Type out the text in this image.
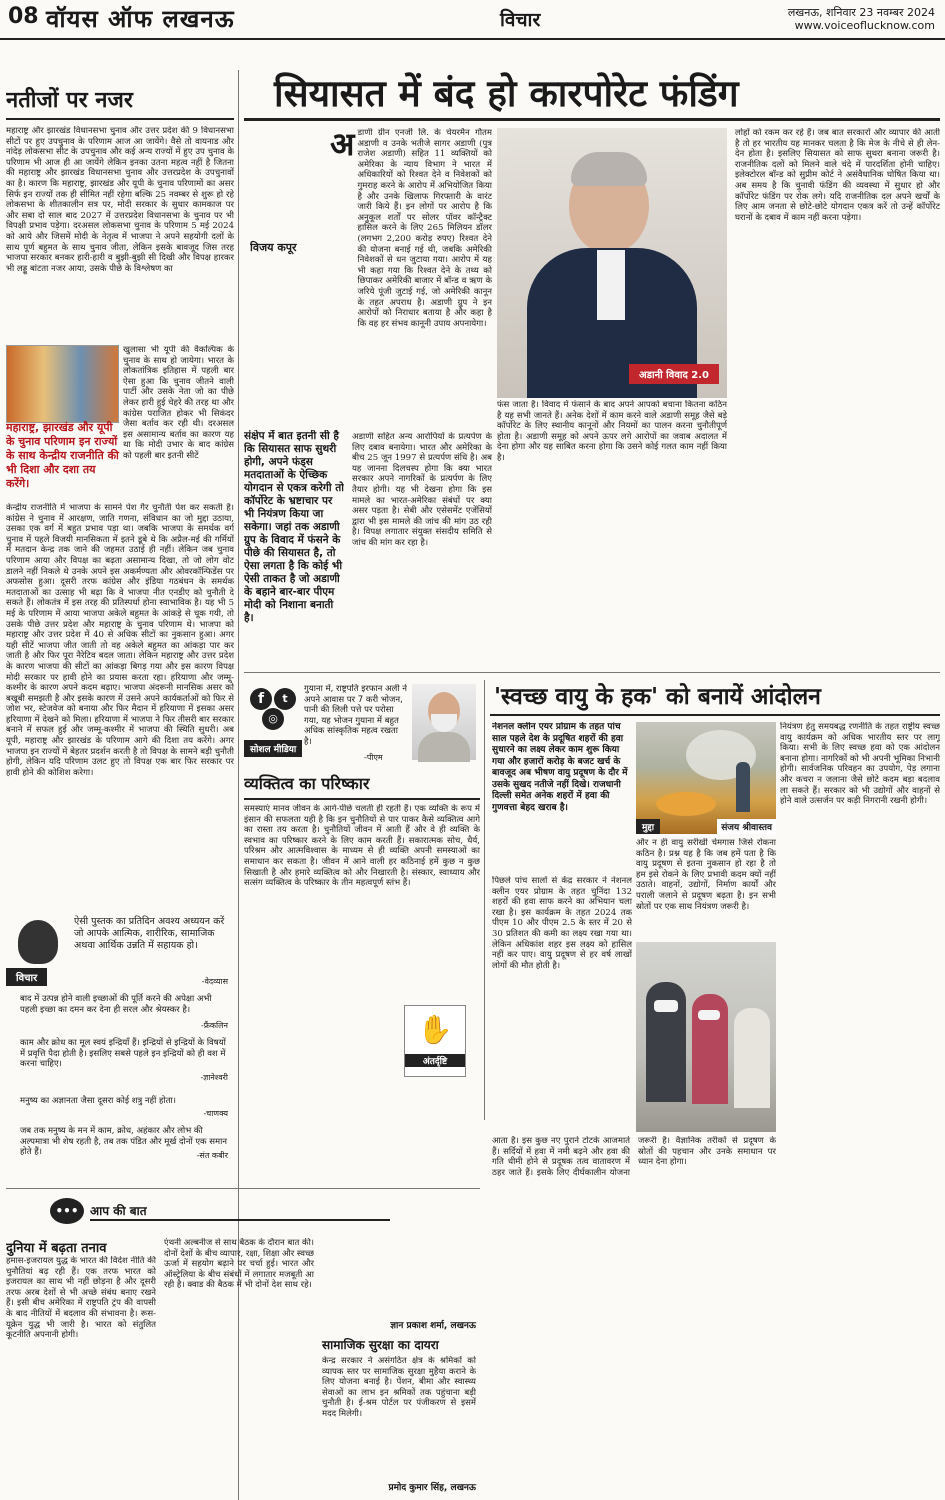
08 वॉयस ऑफ लखनऊ	विचार	लखनऊ, शनिवार 23 नवम्बर 2024
www.voiceoflucknow.com
नतीजों पर नजर
महाराष्ट्र और झारखंड विधानसभा चुनाव और उत्तर प्रदेश की 9 विधानसभा सीटों पर हुए उपचुनाव के परिणाम आज आ जायेंगे। वैसे तो वायनाड और नांदेड़ लोकसभा सीट के उपचुनाव और कई अन्य राज्यों में हुए उप चुनाव के परिणाम भी आज ही आ जायेंगे लेकिन इनका उतना महत्व नहीं है जितना की महाराष्ट्र और झारखंड विधानसभा चुनाव और उत्तरप्रदेश के उपचुनावों का है। कारण कि महाराष्ट्र, झारखंड और यूपी के चुनाव परिणामों का असर सिर्फ इन राज्यों तक ही सीमित नहीं रहेगा बल्कि 25 नवम्बर से शुरू हो रहे लोकसभा के शीतकालीन सत्र पर, मोदी सरकार के सुधार कामकाज पर और सबा दो साल बाद 2027 में उत्तरप्रदेश विधानसभा के चुनाव पर भी विपक्षी प्रभाव पड़ेगा। दरअसल लोकसभा चुनाव के परिणाम 5 मई 2024 को आये और जिसमें मोदी के नेतृत्व में भाजपा ने अपने सहयोगी दलों के साथ पूर्ण बहुमत के साथ चुनाव जीता, लेकिन इसके बावजूद जिस तरह भाजपा सरकार बनकर हारी-हारी व बुझी-बुझी सी दिखी और विपक्ष हारकर भी लड्डू बांटता नजर आया, उसके पीछे के विश्लेषण का
खुलासा भी यूपी की वैकल्पिक के चुनाव के साथ हो जायेगा। भारत के लोकतांत्रिक इतिहास में पहली बार ऐसा हुआ कि चुनाव जीतने वाली पार्टी और उसके नेता जो का पीछे लेकर हारी हुई चेहरे की तरह था और कांग्रेस पराजित होकर भी सिकंदर जैसा बर्ताव कर रही थी। दरअसल इस असामान्य बर्ताव का कारण यह था कि मोदी उभार के बाद कांग्रेस को पहली बार इतनी सीटें
महाराष्ट्र, झारखंड और यूपी के चुनाव परिणाम इन राज्यों के साथ केन्द्रीय राजनीति की भी दिशा और दशा तय करेंगे।
केन्द्रीय राजनीति में भाजपा के सामने पेश गैर चुनौती पेश कर सकती है। कांग्रेस ने चुनाव में आरक्षण, जाति गणना, संविधान का जो मुद्दा उठाया, उसका एक वर्ग में बहुत प्रभाव पड़ा था। जबकि भाजपा के समर्थक वर्ग चुनाव में पहले विजयी मानसिकता में इतने डूबे थे कि अप्रैल-मई की गर्मियों में मतदान केन्द्र तक जाने की जहमत उठाई ही नहीं। लेकिन जब चुनाव परिणाम आया और विपक्ष का बढ़ता असामान्य दिखा, तो जो लोग वोट डालने नहीं निकले थे उनके अपने इस अकर्मण्यता और ओवरकॉन्फिडेंस पर अफसोस हुआ। दूसरी तरफ कांग्रेस और इंडिया गठबंधन के समर्थक मतदाताओं का उत्साह भी बढ़ा कि वे भाजपा नीत एनडीए को चुनौती दे सकते हैं। लोकतंत्र में इस तरह की प्रतिस्पर्धा होना स्वाभाविक है। यह भी 5 मई के परिणाम में आया भाजपा अकेले बहुमत के आंकड़े से चूक गयी, तो उसके पीछे उत्तर प्रदेश और महाराष्ट्र के चुनाव परिणाम थे। भाजपा को महाराष्ट्र और उत्तर प्रदेश में 40 से अधिक सीटों का नुकसान हुआ। अगर यही सीटें भाजपा जीत जाती तो वह अकेले बहुमत का आंकड़ा पार कर जाती है और फिर पूरा नैरेटिव बदल जाता। लेकिन महाराष्ट्र और उत्तर प्रदेश के कारण भाजपा की सीटों का आंकड़ा बिगड़ गया और इस कारण विपक्ष मोदी सरकार पर हावी होने का प्रयास करता रहा। हरियाणा और जम्मू-कश्मीर के कारण अपने कदम बढ़ाए। भाजपा अंदरूनी मानसिक असर को बखूबी समझती है और इसके कारण में उसने अपने कार्यकर्ताओं को फिर से जोश भर, स्टेजवेज को बनाया और फिर मैदान में हरियाणा में इसका असर हरियाणा में देखने को मिला। हरियाणा में भाजपा ने फिर तीसरी बार सरकार बनाने में सफल हुई और जम्मू-कश्मीर में भाजपा की स्थिति सुधरी। अब यूपी, महाराष्ट्र और झारखंड के परिणाम आगे की दिशा तय करेंगे। अगर भाजपा इन राज्यों में बेहतर प्रदर्शन करती है तो विपक्ष के सामने बड़ी चुनौती होगी, लेकिन यदि परिणाम उलट हुए तो विपक्ष एक बार फिर सरकार पर हावी होने की कोशिश करेगा।
सियासत में बंद हो कारपोरेट फंडिंग
अ डाणी ग्रीन एनर्जी लि. के चेयरमैन गौतम अडाणी व उनके भतीजे सागर अडाणी (पुत्र राजेश अडाणी) सहित 11 व्यक्तियों को अमेरिका के न्याय विभाग ने भारत में अधिकारियों को रिश्वत देने व निवेशकों को गुमराह करने के आरोप में अभियोजित किया है और उनके खिलाफ गिरफ्तारी के वारंट जारी किये हैं। इन लोगों पर आरोप है कि अनुकूल शर्तों पर सोलर पॉवर कॉन्ट्रैक्ट हासिल करने के लिए 265 मिलियन डॉलर (लगभग 2,200 करोड़ रुपए) रिश्वत देने की योजना बनाई गई थी, जबकि अमेरिकी निवेशकों से धन जुटाया गया। आरोप में यह भी कहा गया कि रिश्वत देने के तथ्य को छिपाकर अमेरिकी बाजार में बॉन्ड व ऋण के जरिये पूंजी जुटाई गई, जो अमेरिकी कानून के तहत अपराध है। अडाणी ग्रुप ने इन आरोपों को निराधार बताया है और कहा है कि वह हर संभव कानूनी उपाय अपनायेगा।
विजय कपूर
अडानी विवाद 2.0
लोहों को रकम कर रहे हैं। जब बात सरकारों और व्यापार की आती है तो हर भारतीय यह मानकर चलता है कि मेज के नीचे से ही लेन-देन होता है। इसलिए सियासत को साफ सुथरा बनाना जरूरी है। राजनीतिक दलों को मिलने वाले चंदे में पारदर्शिता होनी चाहिए। इलेक्टोरल बॉन्ड को सुप्रीम कोर्ट ने असंवैधानिक घोषित किया था। अब समय है कि चुनावी फंडिंग की व्यवस्था में सुधार हो और कॉर्पोरेट फंडिंग पर रोक लगे। यदि राजनीतिक दल अपने खर्चों के लिए आम जनता से छोटे-छोटे योगदान एकत्र करें तो उन्हें कॉर्पोरेट घरानों के दबाव में काम नहीं करना पड़ेगा।
संक्षेप में बात इतनी सी है कि सियासत साफ सुथरी होगी, अपने फंड्स मतदाताओं के ऐच्छिक योगदान से एकत्र करेगी तो कॉर्पोरेट के भ्रष्टाचार पर भी नियंत्रण किया जा सकेगा। जहां तक अडाणी ग्रुप के विवाद में फंसने के पीछे की सियासत है, तो ऐसा लगता है कि कोई भी ऐसी ताकत है जो अडाणी के बहाने बार-बार पीएम मोदी को निशाना बनाती है।
अडाणी सहित अन्य आरोपियों के प्रत्यर्पण के लिए दबाव बनायेगा। भारत और अमेरिका के बीच 25 जून 1997 से प्रत्यर्पण संधि है। अब यह जानना दिलचस्प होगा कि क्या भारत सरकार अपने नागरिकों के प्रत्यर्पण के लिए तैयार होगी। यह भी देखना होगा कि इस मामले का भारत-अमेरिका संबंधों पर क्या असर पड़ता है। सेबी और एसेसमेंट एजेंसियों द्वारा भी इस मामले की जांच की मांग उठ रही है। विपक्ष लगातार संयुक्त संसदीय समिति से जांच की मांग कर रहा है।
फंस जाता है। विवाद में फंसाने के बाद अपने आपको बचाना कितना कठिन है यह सभी जानते हैं। अनेक देशों में काम करने वाले अडाणी समूह जैसे बड़े कॉर्पोरेट के लिए स्थानीय कानूनों और नियमों का पालन करना चुनौतीपूर्ण होता है। अडाणी समूह को अपने ऊपर लगे आरोपों का जवाब अदालत में देना होगा और यह साबित करना होगा कि उसने कोई गलत काम नहीं किया है।
f	t
◎
सोशल मीडिया
गुयाना में, राष्ट्रपति इरफान अली ने अपने आवास पर 7 करी भोजन, पानी की लिली पत्ते पर परोसा गया, यह भोजन गुयाना में बहुत अधिक सांस्कृतिक महत्व रखता है।
-पीएम
व्यक्तित्व का परिष्कार
समस्याएं मानव जीवन के आगे-पीछे चलती ही रहती हैं। एक व्यक्ति के रूप में इंसान की सफलता यही है कि इन चुनौतियों से पार पाकर कैसे व्यक्तित्व आगे का रास्ता तय करता है। चुनौतियों जीवन में आती हैं और वे ही व्यक्ति के स्वभाव का परिष्कार करने के लिए काम करती हैं। सकारात्मक सोच, धैर्य, परिश्रम और आत्मविश्वास के माध्यम से ही व्यक्ति अपनी समस्याओं का समाधान कर सकता है। जीवन में आने वाली हर कठिनाई हमें कुछ न कुछ सिखाती है और हमारे व्यक्तित्व को और निखारती है। संस्कार, स्वाध्याय और सत्संग व्यक्तित्व के परिष्कार के तीन महत्वपूर्ण स्तंभ हैं।
✋
अंतर्दृष्टि
विचार
ऐसी पुस्तक का प्रतिदिन अवश्य अध्ययन करें जो आपके आत्मिक, शारीरिक, सामाजिक अथवा आर्थिक उन्नति में सहायक हो।
-वेदव्यास
बाद में उत्पन्न होने वाली इच्छाओं की पूर्ति करने की अपेक्षा अभी पहली इच्छा का दमन कर देना ही सरल और श्रेयस्कर है।
-फ्रैंकलिन
काम और क्रोध का मूल स्वयं इन्द्रियाँ हैं। इन्द्रियों से इन्द्रियों के विषयों में प्रवृत्ति पैदा होती है। इसलिए सबसे पहले इन इन्द्रियों को ही वश में करना चाहिए।
-ज्ञानेश्वरी
मनुष्य का अज्ञानता जैसा दूसरा कोई शत्रु नहीं होता।
-चाणक्य
जब तक मनुष्य के मन में काम, क्रोध, अहंकार और लोभ की अल्पमात्रा भी शेष रहती है, तब तक पंडित और मूर्ख दोनों एक समान होते हैं।	-संत कबीर
••• आप की बात
दुनिया में बढ़ता तनाव
हमास-इजरायल युद्ध के भारत की विदेश नीति की चुनौतियां बढ़ रही हैं। एक तरफ भारत को इजरायल का साथ भी नहीं छोड़ना है और दूसरी तरफ अरब देशों से भी अच्छे संबंध बनाए रखने हैं। इसी बीच अमेरिका में राष्ट्रपति ट्रंप की वापसी के बाद नीतियों में बदलाव की संभावना है। रूस-यूक्रेन युद्ध भी जारी है। भारत को संतुलित कूटनीति अपनानी होगी।
एंथनी अल्बनीज से साथ बैठक के दौरान बात की। दोनों देशों के बीच व्यापार, रक्षा, शिक्षा और स्वच्छ ऊर्जा में सहयोग बढ़ाने पर चर्चा हुई। भारत और ऑस्ट्रेलिया के बीच संबंधों में लगातार मजबूती आ रही है। क्वाड की बैठक में भी दोनों देश साथ रहे।
ज्ञान प्रकाश शर्मा, लखनऊ
सामाजिक सुरक्षा का दायरा
केन्द्र सरकार ने असंगठित क्षेत्र के श्रमिकों को व्यापक स्तर पर सामाजिक सुरक्षा मुहैया कराने के लिए योजना बनाई है। पेंशन, बीमा और स्वास्थ्य सेवाओं का लाभ इन श्रमिकों तक पहुंचाना बड़ी चुनौती है। ई-श्रम पोर्टल पर पंजीकरण से इसमें मदद मिलेगी।
प्रमोद कुमार सिंह, लखनऊ
'स्वच्छ वायु के हक' को बनायें आंदोलन
नेशनल क्लीन एयर प्रोग्राम के तहत पांच साल पहले देश के प्रदूषित शहरों की हवा सुधारने का लक्ष्य लेकर काम शुरू किया गया और हजारों करोड़ के बजट खर्च के बावजूद अब भीषण वायु प्रदूषण के दौर में उसके सुखद नतीजे नहीं दिखे। राजधानी दिल्ली समेत अनेक शहरों में हवा की गुणवत्ता बेहद खराब है।
मुद्दा	संजय श्रीवास्तव
नियंत्रण हेतु समयबद्ध रणनीति के तहत राष्ट्रीय स्वच्छ वायु कार्यक्रम को अधिक भारतीय स्तर पर लागू किया। सभी के लिए स्वच्छ हवा को एक आंदोलन बनाना होगा। नागरिकों को भी अपनी भूमिका निभानी होगी। सार्वजनिक परिवहन का उपयोग, पेड़ लगाना और कचरा न जलाना जैसे छोटे कदम बड़ा बदलाव ला सकते हैं। सरकार को भी उद्योगों और वाहनों से होने वाले उत्सर्जन पर कड़ी निगरानी रखनी होगी।
पिछले पांच सालों से केंद्र सरकार ने नेशनल क्लीन एयर प्रोग्राम के तहत चुनिंदा 132 शहरों की हवा साफ करने का अभियान चला रखा है। इस कार्यक्रम के तहत 2024 तक पीएम 10 और पीएम 2.5 के स्तर में 20 से 30 प्रतिशत की कमी का लक्ष्य रखा गया था। लेकिन अधिकांश शहर इस लक्ष्य को हासिल नहीं कर पाए। वायु प्रदूषण से हर वर्ष लाखों लोगों की मौत होती है।
और न ही वायु सरीखी चेमगास जिसे रोकना कठिन है। प्रश्न यह है कि जब हमें पता है कि वायु प्रदूषण से इतना नुकसान हो रहा है तो हम इसे रोकने के लिए प्रभावी कदम क्यों नहीं उठाते। वाहनों, उद्योगों, निर्माण कार्यों और पराली जलाने से प्रदूषण बढ़ता है। इन सभी स्रोतों पर एक साथ नियंत्रण जरूरी है।
आता है। इस कुछ नए पुराने टोटके आजमाते हैं। सर्दियों में हवा में नमी बढ़ने और हवा की गति धीमी होने से प्रदूषक तत्व वातावरण में ठहर जाते हैं। इसके लिए दीर्घकालीन योजना जरूरी है। वैज्ञानिक तरीकों से प्रदूषण के स्रोतों की पहचान और उनके समाधान पर ध्यान देना होगा।
